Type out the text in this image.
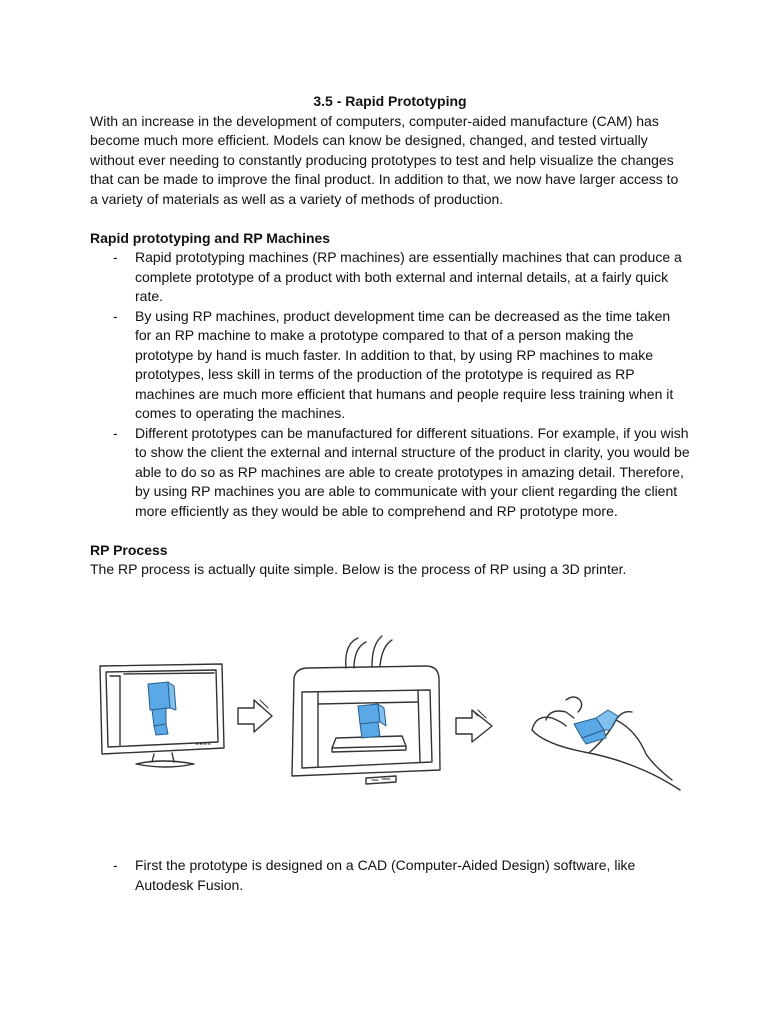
3.5 - Rapid Prototyping

With an increase in the development of computers, computer-aided manufacture (CAM) has become much more efficient. Models can know be designed, changed, and tested virtually without ever needing to constantly producing prototypes to test and help visualize the changes that can be made to improve the final product. In addition to that, we now have larger access to a variety of materials as well as a variety of methods of production.

Rapid prototyping and RP Machines
- Rapid prototyping machines (RP machines) are essentially machines that can produce a complete prototype of a product with both external and internal details, at a fairly quick rate.
- By using RP machines, product development time can be decreased as the time taken for an RP machine to make a prototype compared to that of a person making the prototype by hand is much faster. In addition to that, by using RP machines to make prototypes, less skill in terms of the production of the prototype is required as RP machines are much more efficient that humans and people require less training when it comes to operating the machines.
- Different prototypes can be manufactured for different situations. For example, if you wish to show the client the external and internal structure of the product in clarity, you would be able to do so as RP machines are able to create prototypes in amazing detail. Therefore, by using RP machines you are able to communicate with your client regarding the client more efficiently as they would be able to comprehend and RP prototype more.
RP Process

The RP process is actually quite simple. Below is the process of RP using a 3D printer.

- First the prototype is designed on a CAD (Computer-Aided Design) software, like Autodesk Fusion.
